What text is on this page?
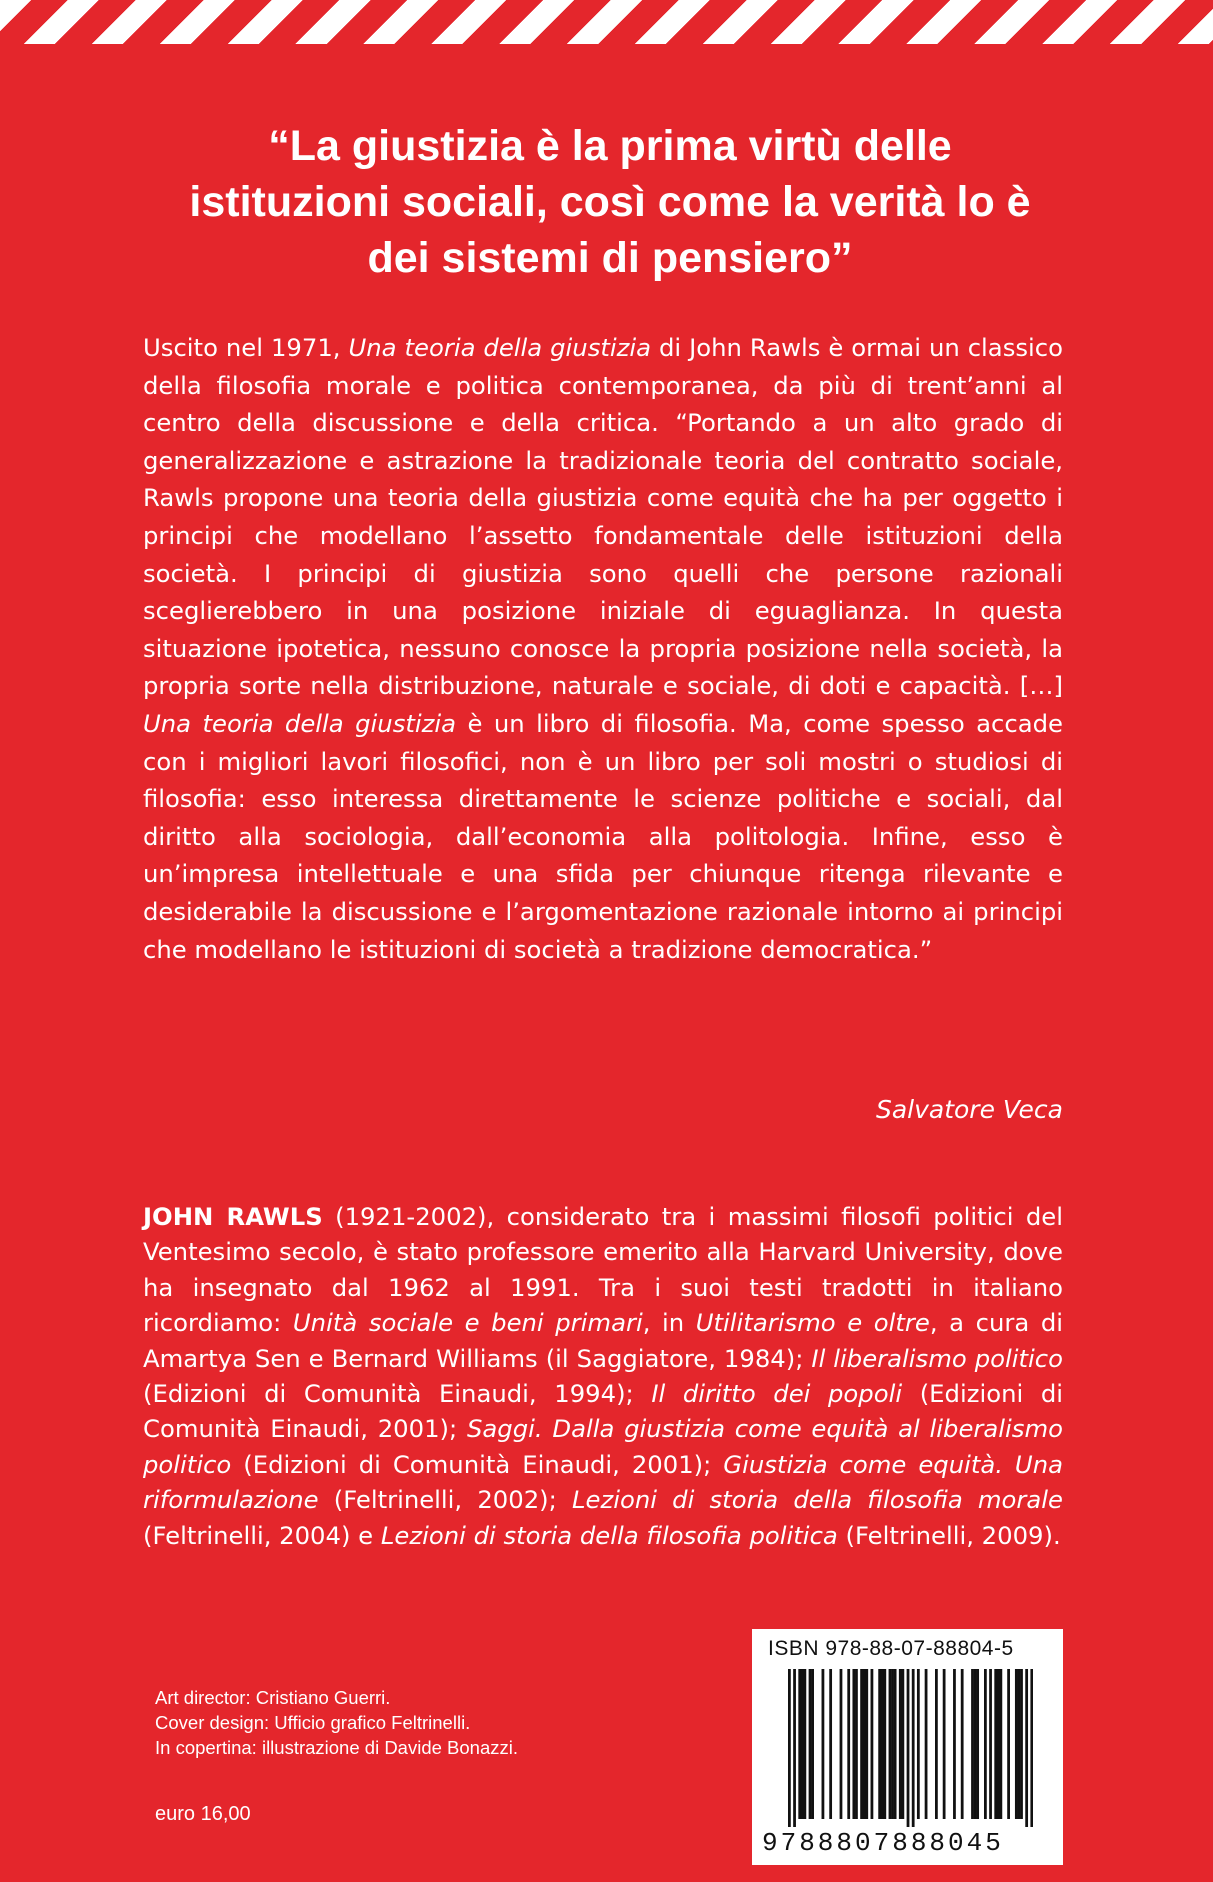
“La giustizia è la prima virtù delle
istituzioni sociali, così come la verità lo è
dei sistemi di pensiero”

Uscito nel 1971, Una teoria della giustizia di John Rawls è ormai un classico della filosofia morale e politica contemporanea, da più di trent’anni al centro della discussione e della critica. “Portando a un alto grado di generalizzazione e astrazione la tradizionale teoria del contratto sociale, Rawls propone una teoria della giustizia come equità che ha per oggetto i principi che modellano l’assetto fondamentale delle istituzioni della società. I principi di giustizia sono quelli che persone razionali sceglierebbero in una posizione iniziale di eguaglianza. In questa situazione ipotetica, nessuno conosce la propria posizione nella società, la propria sorte nella distribuzione, naturale e sociale, di doti e capacità. […] Una teoria della giustizia è un libro di filosofia. Ma, come spesso accade con i migliori lavori filosofici, non è un libro per soli mostri o studiosi di filosofia: esso interessa direttamente le scienze politiche e sociali, dal diritto alla sociologia, dall’economia alla politologia. Infine, esso è un’impresa intellettuale e una sfida per chiunque ritenga rilevante e desiderabile la discussione e l’argomentazione razionale intorno ai principi che modellano le istituzioni di società a tradizione democratica.”

Salvatore Veca

JOHN RAWLS (1921-2002), considerato tra i massimi filosofi politici del Ventesimo secolo, è stato professore emerito alla Harvard University, dove ha insegnato dal 1962 al 1991. Tra i suoi testi tradotti in italiano ricordiamo: Unità sociale e beni primari, in Utilitarismo e oltre, a cura di Amartya Sen e Bernard Williams (il Saggiatore, 1984); Il liberalismo politico (Edizioni di Comunità Einaudi, 1994); Il diritto dei popoli (Edizioni di Comunità Einaudi, 2001); Saggi. Dalla giustizia come equità al liberalismo politico (Edizioni di Comunità Einaudi, 2001); Giustizia come equità. Una riformulazione (Feltrinelli, 2002); Lezioni di storia della filosofia morale (Feltrinelli, 2004) e Lezioni di storia della filosofia politica (Feltrinelli, 2009).

Art director: Cristiano Guerri.
Cover design: Ufficio grafico Feltrinelli.
In copertina: illustrazione di Davide Bonazzi.
euro 16,00
ISBN 978-88-07-88804-5
9788807888045
